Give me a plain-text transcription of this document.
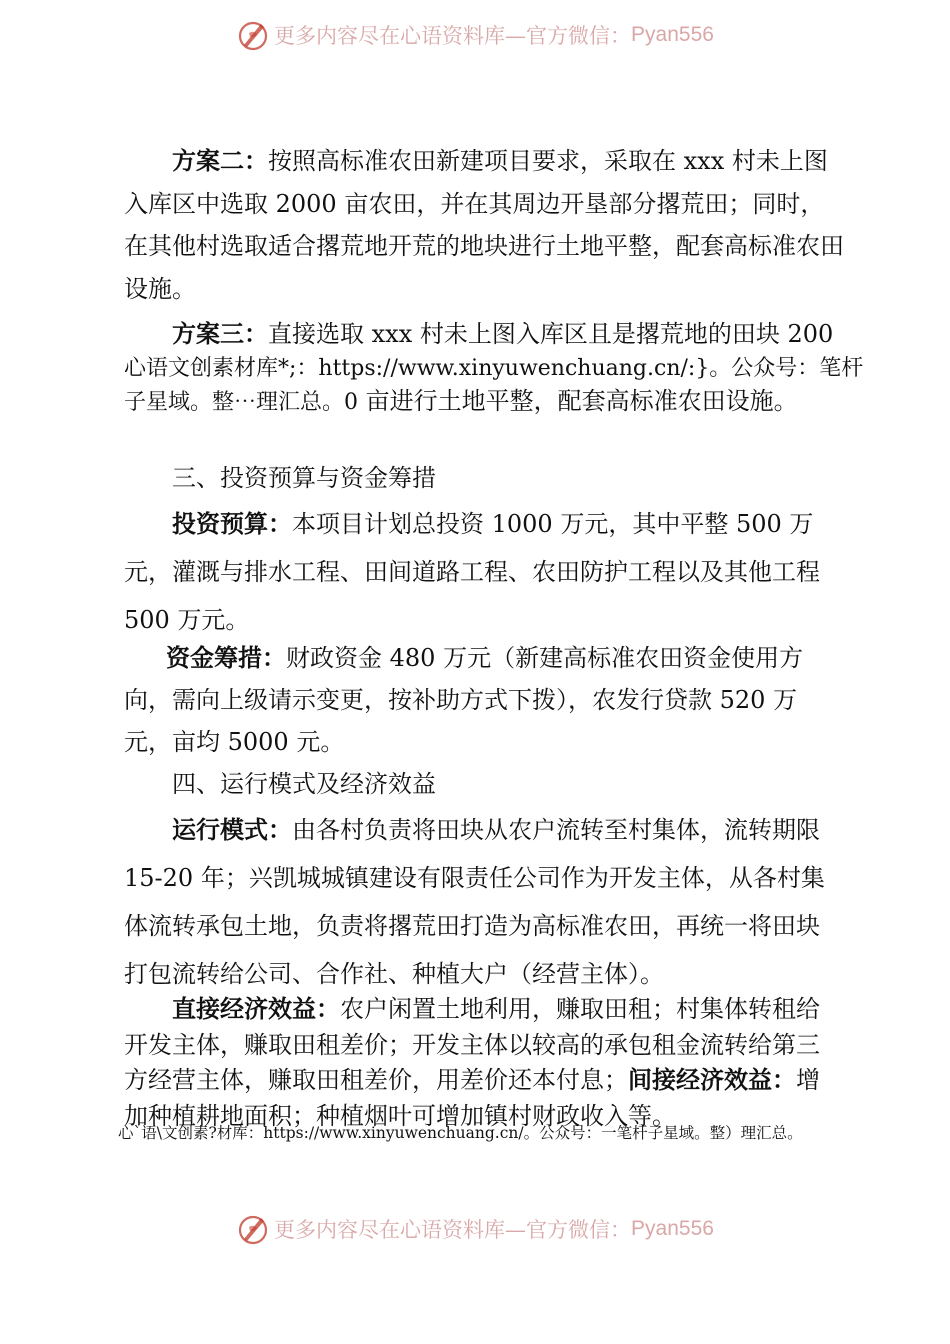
更多内容尽在心语资料库—官方微信： Pyan556

方案二：按照高标准农田新建项目要求，采取在 xxx 村未上图入库区中选取 2000 亩农田，并在其周边开垦部分撂荒田；同时，在其他村选取适合撂荒地开荒的地块进行土地平整，配套高标准农田设施。

方案三：直接选取 xxx 村未上图入库区且是撂荒地的田块 200
心语文创素材库*;：https://www.xinyuwenchuang.cn/:}。公众号：笔杆子星域。整⋯理汇总。0 亩进行土地平整，配套高标准农田设施。

三、投资预算与资金筹措

投资预算：本项目计划总投资 1000 万元，其中平整 500 万元，灌溉与排水工程、田间道路工程、农田防护工程以及其他工程 500 万元。

资金筹措：财政资金 480 万元（新建高标准农田资金使用方向，需向上级请示变更，按补助方式下拨），农发行贷款 520 万元，亩均 5000 元。

四、运行模式及经济效益

运行模式：由各村负责将田块从农户流转至村集体，流转期限 15-20 年；兴凯城城镇建设有限责任公司作为开发主体，从各村集体流转承包土地，负责将撂荒田打造为高标准农田，再统一将田块打包流转给公司、合作社、种植大户（经营主体）。

直接经济效益：农户闲置土地利用，赚取田租；村集体转租给开发主体，赚取田租差价；开发主体以较高的承包租金流转给第三方经营主体，赚取田租差价，用差价还本付息；间接经济效益：增加种植耕地面积；种植烟叶可增加镇村财政收入等。

心`语\文创素?材库：https://www.xinyuwenchuang.cn/。公众号：一笔杆子星域。整）理汇总。

更多内容尽在心语资料库—官方微信： Pyan556
